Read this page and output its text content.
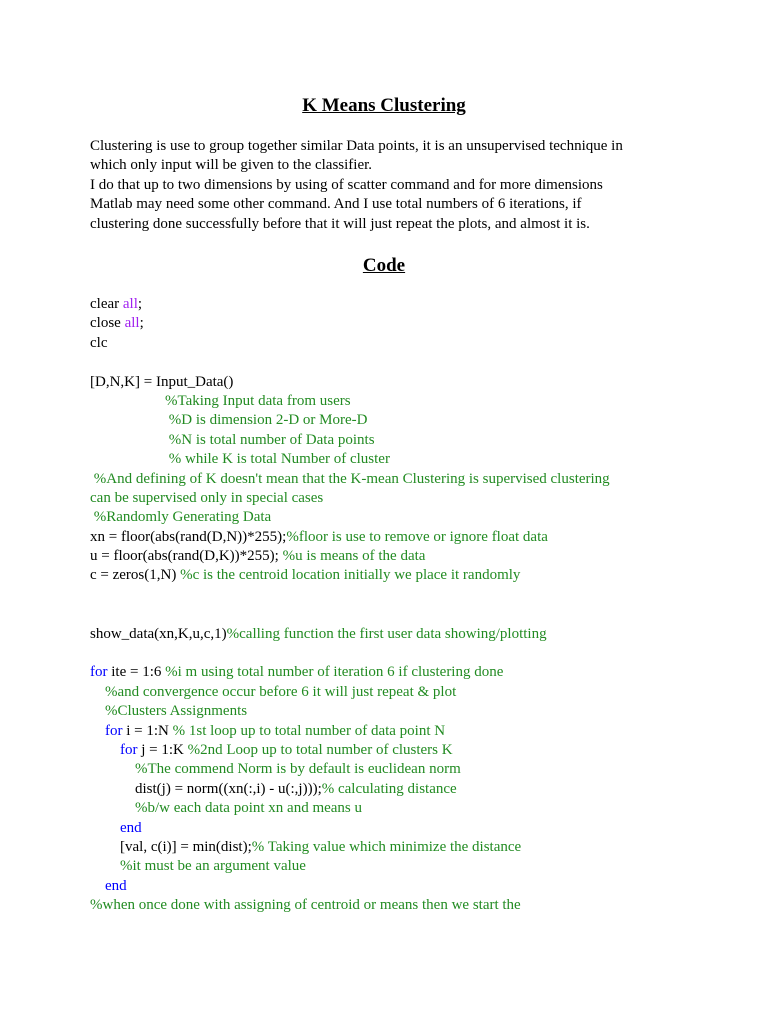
K Means Clustering

Clustering is use to group together similar Data points, it is an unsupervised technique in

which only input will be given to the classifier.

I do that up to two dimensions by using of scatter command and for more dimensions

Matlab may need some other command. And I use total numbers of 6 iterations, if

clustering done successfully before that it will just repeat the plots, and almost it is.

Code
clear all;
close all;
clc
[D,N,K] = Input_Data()
%Taking Input data from users
%D is dimension 2-D or More-D
%N is total number of Data points
% while K is total Number of cluster
%And defining of K doesn't mean that the K-mean Clustering is supervised clustering
can be supervised only in special cases
%Randomly Generating Data
xn = floor(abs(rand(D,N))*255);%floor is use to remove or ignore float data
u = floor(abs(rand(D,K))*255); %u is means of the data
c = zeros(1,N) %c is the centroid location initially we place it randomly
show_data(xn,K,u,c,1)%calling function the first user data showing/plotting
for ite = 1:6 %i m using total number of iteration 6 if clustering done
%and convergence occur before 6 it will just repeat & plot
%Clusters Assignments
for i = 1:N % 1st loop up to total number of data point N
for j = 1:K %2nd Loop up to total number of clusters K
%The commend Norm is by default is euclidean norm
dist(j) = norm((xn(:,i) - u(:,j)));% calculating distance
%b/w each data point xn and means u
end
[val, c(i)] = min(dist);% Taking value which minimize the distance
%it must be an argument value
end
%when once done with assigning of centroid or means then we start the
